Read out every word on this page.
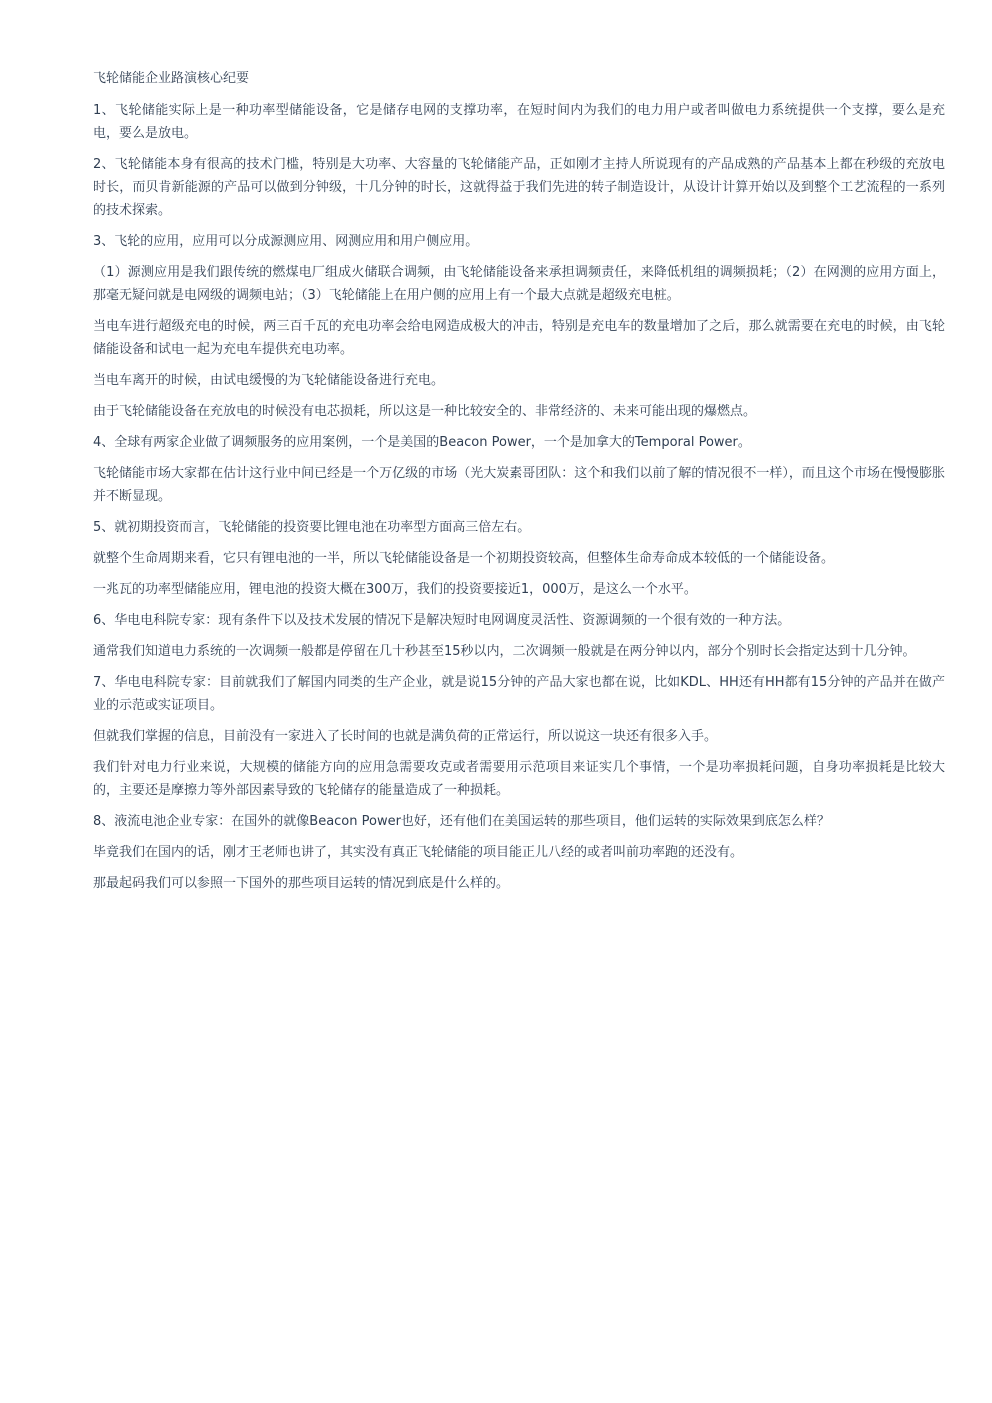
飞轮储能企业路演核心纪要

1、飞轮储能实际上是一种功率型储能设备，它是储存电网的支撑功率，在短时间内为我们的电力用户或者叫做电力系统提供一个支撑，要么是充电，要么是放电。

2、飞轮储能本身有很高的技术门槛，特别是大功率、大容量的飞轮储能产品，正如刚才主持人所说现有的产品成熟的产品基本上都在秒级的充放电时长，而贝肯新能源的产品可以做到分钟级，十几分钟的时长，这就得益于我们先进的转子制造设计，从设计计算开始以及到整个工艺流程的一系列的技术探索。

3、飞轮的应用，应用可以分成源测应用、网测应用和用户侧应用。

（1）源测应用是我们跟传统的燃煤电厂组成火储联合调频，由飞轮储能设备来承担调频责任，来降低机组的调频损耗；（2）在网测的应用方面上，那毫无疑问就是电网级的调频电站；（3）飞轮储能上在用户侧的应用上有一个最大点就是超级充电桩。

当电车进行超级充电的时候，两三百千瓦的充电功率会给电网造成极大的冲击，特别是充电车的数量增加了之后，那么就需要在充电的时候，由飞轮储能设备和试电一起为充电车提供充电功率。

当电车离开的时候，由试电缓慢的为飞轮储能设备进行充电。

由于飞轮储能设备在充放电的时候没有电芯损耗，所以这是一种比较安全的、非常经济的、未来可能出现的爆燃点。

4、全球有两家企业做了调频服务的应用案例，一个是美国的Beacon Power，一个是加拿大的Temporal Power。

飞轮储能市场大家都在估计这行业中间已经是一个万亿级的市场（光大炭素哥团队：这个和我们以前了解的情况很不一样），而且这个市场在慢慢膨胀并不断显现。

5、就初期投资而言，飞轮储能的投资要比锂电池在功率型方面高三倍左右。

就整个生命周期来看，它只有锂电池的一半，所以飞轮储能设备是一个初期投资较高，但整体生命寿命成本较低的一个储能设备。

一兆瓦的功率型储能应用，锂电池的投资大概在300万，我们的投资要接近1，000万，是这么一个水平。

6、华电电科院专家：现有条件下以及技术发展的情况下是解决短时电网调度灵活性、资源调频的一个很有效的一种方法。

通常我们知道电力系统的一次调频一般都是停留在几十秒甚至15秒以内，二次调频一般就是在两分钟以内，部分个别时长会指定达到十几分钟。

7、华电电科院专家：目前就我们了解国内同类的生产企业，就是说15分钟的产品大家也都在说，比如KDL、HH还有HH都有15分钟的产品并在做产业的示范或实证项目。

但就我们掌握的信息，目前没有一家进入了长时间的也就是满负荷的正常运行，所以说这一块还有很多入手。

我们针对电力行业来说，大规模的储能方向的应用急需要攻克或者需要用示范项目来证实几个事情，一个是功率损耗问题，自身功率损耗是比较大的，主要还是摩擦力等外部因素导致的飞轮储存的能量造成了一种损耗。

8、液流电池企业专家：在国外的就像Beacon Power也好，还有他们在美国运转的那些项目，他们运转的实际效果到底怎么样？

毕竟我们在国内的话，刚才王老师也讲了，其实没有真正飞轮储能的项目能正儿八经的或者叫前功率跑的还没有。

那最起码我们可以参照一下国外的那些项目运转的情况到底是什么样的。
